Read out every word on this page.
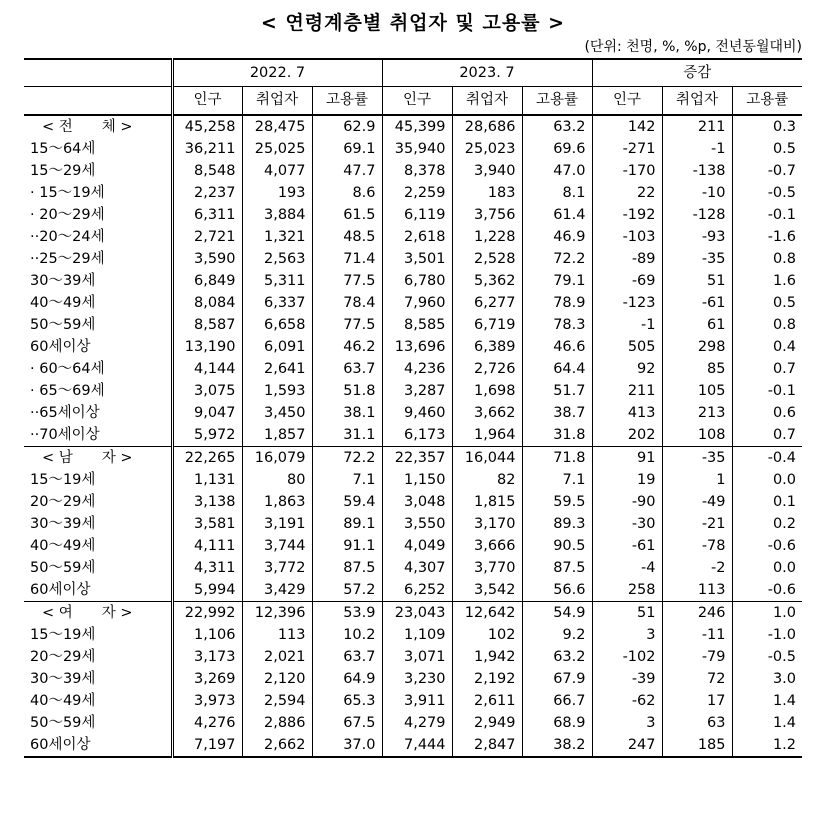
< 연령계층별 취업자 및 고용률 >
(단위: 천명, %, %p, 전년동월대비)
	2022. 7			2023. 7			증감		
	인구	취업자	고용률	인구	취업자	고용률	인구	취업자	고용률
< 전　　체 >	45,258	28,475	62.9	45,399	28,686	63.2	142	211	0.3
15～64세	36,211	25,025	69.1	35,940	25,023	69.6	-271	-1	0.5
15～29세	8,548	4,077	47.7	8,378	3,940	47.0	-170	-138	-0.7
· 15～19세	2,237	193	8.6	2,259	183	8.1	22	-10	-0.5
· 20～29세	6,311	3,884	61.5	6,119	3,756	61.4	-192	-128	-0.1
··20～24세	2,721	1,321	48.5	2,618	1,228	46.9	-103	-93	-1.6
··25～29세	3,590	2,563	71.4	3,501	2,528	72.2	-89	-35	0.8
30～39세	6,849	5,311	77.5	6,780	5,362	79.1	-69	51	1.6
40～49세	8,084	6,337	78.4	7,960	6,277	78.9	-123	-61	0.5
50～59세	8,587	6,658	77.5	8,585	6,719	78.3	-1	61	0.8
60세이상	13,190	6,091	46.2	13,696	6,389	46.6	505	298	0.4
· 60～64세	4,144	2,641	63.7	4,236	2,726	64.4	92	85	0.7
· 65～69세	3,075	1,593	51.8	3,287	1,698	51.7	211	105	-0.1
··65세이상	9,047	3,450	38.1	9,460	3,662	38.7	413	213	0.6
··70세이상	5,972	1,857	31.1	6,173	1,964	31.8	202	108	0.7
< 남　　자 >	22,265	16,079	72.2	22,357	16,044	71.8	91	-35	-0.4
15～19세	1,131	80	7.1	1,150	82	7.1	19	1	0.0
20～29세	3,138	1,863	59.4	3,048	1,815	59.5	-90	-49	0.1
30～39세	3,581	3,191	89.1	3,550	3,170	89.3	-30	-21	0.2
40～49세	4,111	3,744	91.1	4,049	3,666	90.5	-61	-78	-0.6
50～59세	4,311	3,772	87.5	4,307	3,770	87.5	-4	-2	0.0
60세이상	5,994	3,429	57.2	6,252	3,542	56.6	258	113	-0.6
< 여　　자 >	22,992	12,396	53.9	23,043	12,642	54.9	51	246	1.0
15～19세	1,106	113	10.2	1,109	102	9.2	3	-11	-1.0
20～29세	3,173	2,021	63.7	3,071	1,942	63.2	-102	-79	-0.5
30～39세	3,269	2,120	64.9	3,230	2,192	67.9	-39	72	3.0
40～49세	3,973	2,594	65.3	3,911	2,611	66.7	-62	17	1.4
50～59세	4,276	2,886	67.5	4,279	2,949	68.9	3	63	1.4
60세이상	7,197	2,662	37.0	7,444	2,847	38.2	247	185	1.2
